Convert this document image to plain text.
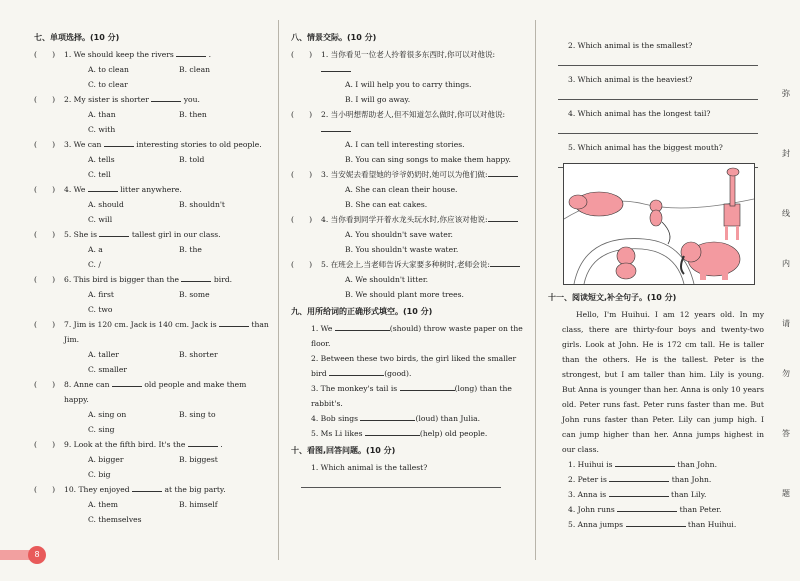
七、单项选择。(10 分)
(　　)	1. We should keep the rivers	.
A. to clean	B. clean
C. to clear
(　　)	2. My sister is shorter	you.
A. than	B. then
C. with
(　　)	3. We can	interesting stories to old people.
A. tells	B. told
C. tell
(　　)	4. We	litter anywhere.
A. should	B. shouldn't
C. will
(　　)	5. She is	tallest girl in our class.
A. a	B. the
C. /
(　　)	6. This bird is bigger than the	bird.
A. first	B. some
C. two
(　　)	7. Jim is 120 cm. Jack is 140 cm. Jack is	than Jim.
A. taller	B. shorter
C. smaller
(　　)	8. Anne can	old people and make them happy.
A. sing on	B. sing to
C. sing
(　　)	9. Look at the fifth bird. It's the	.
A. bigger	B. biggest
C. big
(　　)	10. They enjoyed	at the big party.
A. them	B. himself
C. themselves
八、情景交际。(10 分)
(　　)	1. 当你看见一位老人拎着很多东西时,你可以对他说:
A. I will help you to carry things.
B. I will go away.
(　　)	2. 当小明想帮助老人,但不知道怎么做时,你可以对他说:
A. I can tell interesting stories.
B. You can sing songs to make them happy.
(　　)	3. 当安妮去看望她的爷爷奶奶时,她可以为他们做:
A. She can clean their house.
B. She can eat cakes.
(　　)	4. 当你看到同学开着水龙头玩水时,你应该对他说:
A. You shouldn't save water.
B. You shouldn't waste water.
(　　)	5. 在班会上,当老师告诉大家要多种树时,老师会说:
A. We shouldn't litter.
B. We should plant more trees.
九、用所给词的正确形式填空。(10 分)
1. We	(should) throw waste paper on the floor.
2. Between these two birds, the girl liked the smaller bird	(good).
3. The monkey's tail is	(long) than the rabbit's.
4. Bob sings	(loud) than Julia.
5. Ms Li likes	(help) old people.
十、看图,回答问题。(10 分)
1. Which animal is the tallest?
2. Which animal is the smallest?
3. Which animal is the heaviest?
4. Which animal has the longest tail?
5. Which animal has the biggest mouth?
十一、阅读短文,补全句子。(10 分)
Hello, I'm Huihui. I am 12 years old. In my class, there are thirty-four boys and twenty-two girls. Look at John. He is 172 cm tall. He is taller than the others. He is the tallest. Peter is the strongest, but I am taller than him. Lily is young. But Anna is younger than her. Anna is only 10 years old. Peter runs fast. Peter runs faster than me. But John runs faster than Peter. Lily can jump high. I can jump higher than her. Anna jumps highest in our class.
1. Huihui is	than John.
2. Peter is	than John.
3. Anna is	than Lily.
4. John runs	than Peter.
5. Anna jumps	than Huihui.
弥
封
线
内
请
勿
答
题
8
